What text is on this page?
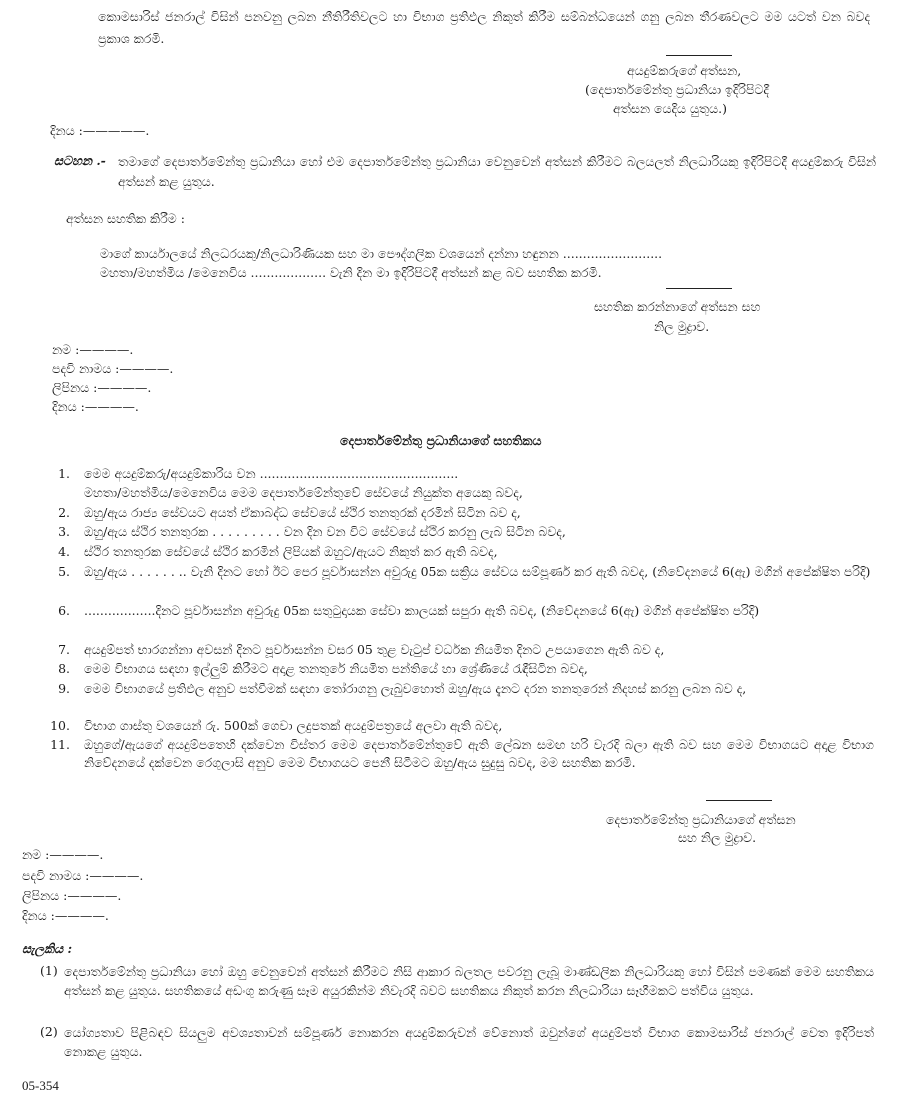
කොමසාරිස් ජනරාල් විසින් පනවනු ලබන නීතිරීතිවලට හා විභාග ප්‍රතිඵල නිකුත් කිරීම සම්බන්ධයෙන් ගනු ලබන තීරණවලට මම යටත් වන බවද ප්‍රකාශ කරමි.
අයදුම්කරුගේ අත්සන,
(දෙපාර්තමේන්තු ප්‍රධානියා ඉදිරිපිටදී
අත්සන යෙදිය යුතුය.)
දිනය :—————.
සටහන .- තමාගේ දෙපාර්තමේන්තු ප්‍රධානියා හෝ එම දෙපාර්තමේන්තු ප්‍රධානියා වෙනුවෙන් අත්සන් කිරීමට බලයලත් නිලධාරියකු ඉදිරිපිටදී අයදුම්කරු විසින් අත්සන් කළ යුතුය.
අත්සන සහතික කිරීම :
මාගේ කාර්යාලයේ නිලධරයකු/නිලධාරිණියක සහ මා පෞද්ගලික වශයෙන් දන්නා හඳුනන .........................
මහතා/මහත්මිය /මෙනෙවිය ................... වැනි දින මා ඉදිරිපිටදී අත්සන් කළ බව සහතික කරමි.
සහතික කරන්නාගේ අත්සන සහ
නිල මුද්‍රාව.
නම :————.
පදවි නාමය :————.
ලිපිනය :————.
දිනය :————.
දෙපාර්තමේන්තු ප්‍රධානියාගේ සහතිකය
1. මෙම අයදුම්කරු/අයදුම්කාරිය වන ..................................................
මහතා/මහත්මිය/මෙනෙවිය මෙම දෙපාර්තමේන්තුවේ සේවයේ නියුක්ත අයෙකු බවද,
2. ඔහු/ඇය රාජ්‍ය සේවයට අයත් ඒකාබද්ධ සේවයේ ස්ථිර තනතුරක් දරමින් සිටින බව ද,
3. ඔහු/ඇය ස්ථිර තනතුරක . . . . . . . . . වන දින වන විට සේවයේ ස්ථිර කරනු ලැබ සිටින බවද,
4. ස්ථිර තනතුරක සේවයේ ස්ථිර කරමින් ලිපියක් ඔහුට/ඇයට නිකුත් කර ඇති බවද,
5. ඔහු/ඇය . . . . . . .. වැනි දිනට හෝ ඊට පෙර පූර්වාසන්න අවුරුදු 05ක සක්‍රිය සේවය සම්පූර්ණ කර ඇති බවද, (නිවේදනයේ 6(ඇ) මගින් අපේක්ෂිත පරිදි)
6. ..................දිනට පූර්වාසන්න අවුරුදු 05ක සතුටුදායක සේවා කාලයක් සපුරා ඇති බවද, (නිවේදනයේ 6(ඇ) මගින් අපේක්ෂිත පරිදි)
7. අයදුම්පත් භාරගන්නා අවසන් දිනට පූර්වාසන්න වසර 05 තුළ වැටුප් වර්ධක නියමිත දිනට උපයාගෙන ඇති බව ද,
8. මෙම විභාගය සඳහා ඉල්ලුම් කිරීමට අදාළ තනතුරේ නියමිත පන්තියේ හා ශ්‍රේණියේ රැඳීසිටින බවද,
9. මෙම විභාගයේ ප්‍රතිඵල අනුව පත්වීමක් සඳහා තෝරාගනු ලැබුවහොත් ඔහු/ඇය දැනට දරන තනතුරෙන් නිදහස් කරනු ලබන බව ද,
10. විභාග ගාස්තු වශයෙන් රු. 500ක් ගෙවා ලදුපතක් අයදුම්පත්‍රයේ අලවා ඇති බවද,
11. ඔහුගේ/ඇයගේ අයදුම්පතෙහි දක්වෙන විස්තර මෙම දෙපාර්තමේන්තුවේ ඇති ලේඛන සමඟ හරි වැරදි බලා ඇති බව සහ මෙම විභාගයට අදාළ විභාග නිවේදනයේ දක්වෙන රෙගුලාසි අනුව මෙම විභාගයට පෙනී සිටීමට ඔහු/ඇය සුදුසු බවද, මම සහතික කරමි.
දෙපාර්තමේන්තු ප්‍රධානියාගේ අත්සන
සහ නිල මුද්‍රාව.
නම :————.
පදවි නාමය :————.
ලිපිනය :————.
දිනය :————.
සැලකිය :
(1) දෙපාර්තමේන්තු ප්‍රධානියා හෝ ඔහු වෙනුවෙන් අත්සන් කිරීමට නිසි ආකාර බලතල පවරනු ලැබූ මාණ්ඩලික නිලධාරියකු හෝ විසින් පමණක් මෙම සහතිකය අත්සන් කළ යුතුය. සහතිකයේ අඩංගු කරුණු සෑම අයුරකින්ම නිවැරදි බවට සහතිකය නිකුත් කරන නිලධාරියා සෑහීමකට පත්විය යුතුය.
(2) යෝග්‍යතාව පිළිබඳව සියලුම අවශ්‍යතාවන් සම්පූර්ණ නොකරන අයදුම්කරුවන් වේනොත් ඔවුන්ගේ අයදුම්පත් විභාග කොමසාරිස් ජනරාල් වෙත ඉදිරිපත් නොකළ යුතුය.
05-354
